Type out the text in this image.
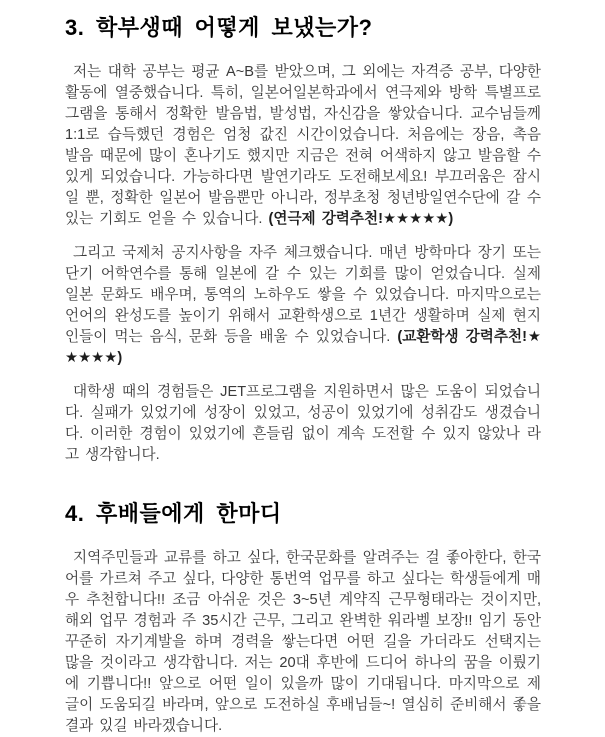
3. 학부생때 어떻게 보냈는가?

저는 대학 공부는 평균 A~B를 받았으며, 그 외에는 자격증 공부, 다양한 활동에 열중했습니다. 특히, 일본어일본학과에서 연극제와 방학 특별프로그램을 통해서 정확한 발음법, 발성법, 자신감을 쌓았습니다. 교수님들께 1:1로 습득했던 경험은 엄청 값진 시간이었습니다. 처음에는 장음, 촉음 발음 때문에 많이 혼나기도 했지만 지금은 전혀 어색하지 않고 발음할 수 있게 되었습니다. 가능하다면 발연기라도 도전해보세요! 부끄러움은 잠시일 뿐, 정확한 일본어 발음뿐만 아니라, 정부초청 청년방일연수단에 갈 수 있는 기회도 얻을 수 있습니다. (연극제 강력추천!★★★★★)

그리고 국제처 공지사항을 자주 체크했습니다. 매년 방학마다 장기 또는 단기 어학연수를 통해 일본에 갈 수 있는 기회를 많이 얻었습니다. 실제 일본 문화도 배우며, 통역의 노하우도 쌓을 수 있었습니다. 마지막으로는 언어의 완성도를 높이기 위해서 교환학생으로 1년간 생활하며 실제 현지인들이 먹는 음식, 문화 등을 배울 수 있었습니다. (교환학생 강력추천!★★★★★)

대학생 때의 경험들은 JET프로그램을 지원하면서 많은 도움이 되었습니다. 실패가 있었기에 성장이 있었고, 성공이 있었기에 성취감도 생겼습니다. 이러한 경험이 있었기에 흔들림 없이 계속 도전할 수 있지 않았나 라고 생각합니다.

4. 후배들에게 한마디

지역주민들과 교류를 하고 싶다, 한국문화를 알려주는 걸 좋아한다, 한국어를 가르쳐 주고 싶다, 다양한 통번역 업무를 하고 싶다는 학생들에게 매우 추천합니다!! 조금 아쉬운 것은 3~5년 계약직 근무형태라는 것이지만, 해외 업무 경험과 주 35시간 근무, 그리고 완벽한 워라벨 보장!! 임기 동안 꾸준히 자기계발을 하며 경력을 쌓는다면 어떤 길을 가더라도 선택지는 많을 것이라고 생각합니다. 저는 20대 후반에 드디어 하나의 꿈을 이뤘기에 기쁩니다!! 앞으로 어떤 일이 있을까 많이 기대됩니다. 마지막으로 제 글이 도움되길 바라며, 앞으로 도전하실 후배님들~! 열심히 준비해서 좋을 결과 있길 바라겠습니다.
